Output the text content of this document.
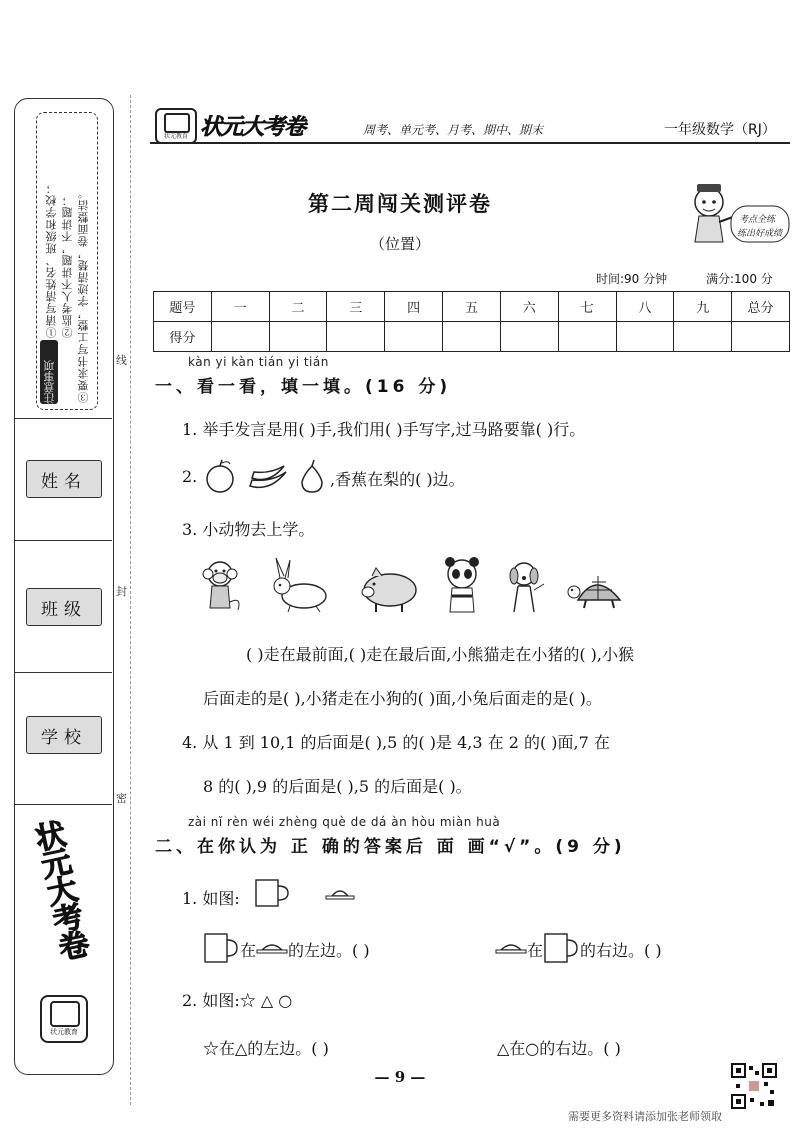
注意事项
①请写清姓名、班级和学校； ②监考人不讲题，不讲题； ③要求书写工整，字迹清楚，卷面整洁。
姓名
班级
学校
状元大考卷
状元教育
线
封
密
状元教育 状元大考卷	周考、单元考、月考、期中、期末	一年级数学（RJ）
考点全练
练出好成绩
第二周闯关测评卷
（位置）
时间:90 分钟	满分:100 分
题号	一	二	三	四	五	六	七	八	九	总分
得分										
kàn yi kàn tián yi tián
一、看一看，填一填。(16 分)
1. 举手发言是用( )手,我们用( )手写字,过马路要靠( )行。
2.	,香蕉在梨的( )边。
3. 小动物去上学。
( )走在最前面,( )走在最后面,小熊猫走在小猪的( ),小猴
后面走的是( ),小猪走在小狗的( )面,小兔后面走的是( )。
4. 从 1 到 10,1 的后面是( ),5 的( )是 4,3 在 2 的( )面,7 在
8 的( ),9 的后面是( ),5 的后面是( )。
zài nǐ rèn wéi zhèng què de dá àn hòu miàn huà
二、在你认为 正 确的答案后 面 画“√”。(9 分)
1. 如图:
在 的左边。( )	在 的右边。( )
2. 如图:☆ △ ○
☆在△的左边。( )	△在○的右边。( )
— 9 —
需要更多资料请添加张老师领取
